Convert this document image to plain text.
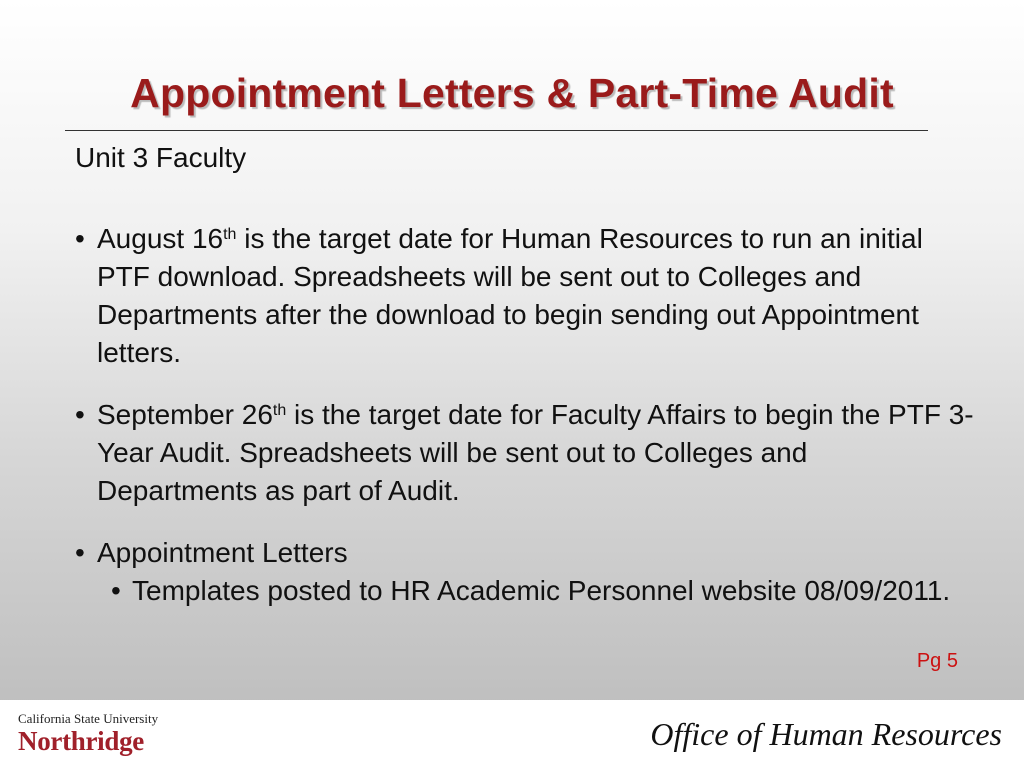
Appointment Letters & Part-Time Audit
Unit 3 Faculty
• August 16th is the target date for Human Resources to run an initial PTF download. Spreadsheets will be sent out to Colleges and Departments after the download to begin sending out Appointment letters.
• September 26th is the target date for Faculty Affairs to begin the PTF 3-Year Audit. Spreadsheets will be sent out to Colleges and Departments as part of Audit.
• Appointment Letters
• Templates posted to HR Academic Personnel website 08/09/2011.
Pg 5
California State University
Northridge	Office of Human Resources
